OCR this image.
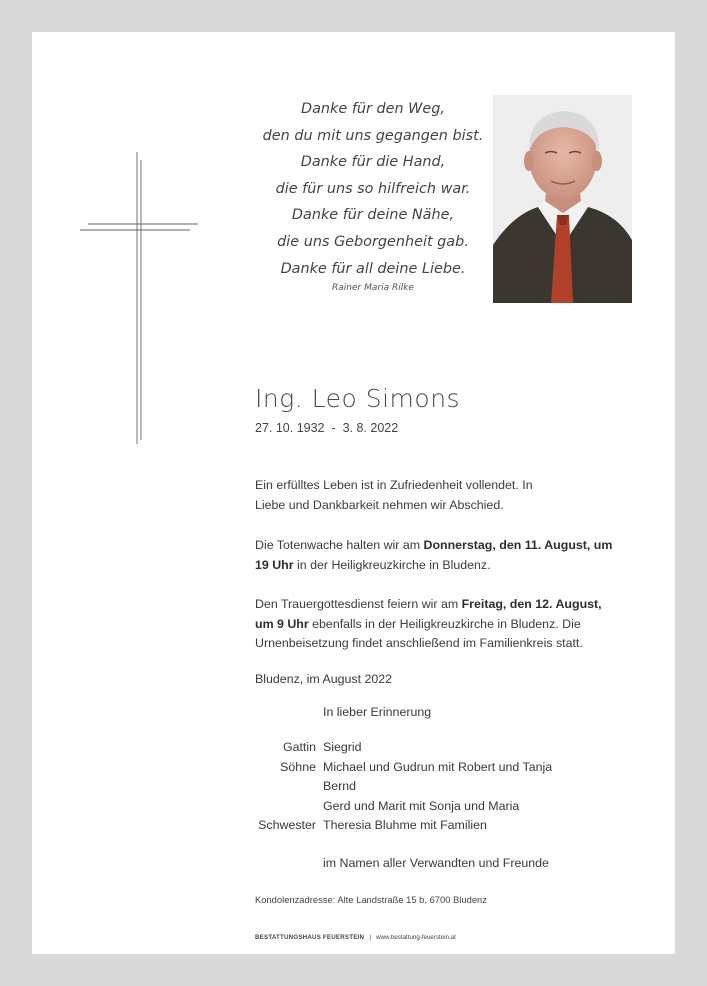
Danke für den Weg,
den du mit uns gegangen bist.
Danke für die Hand,
die für uns so hilfreich war.
Danke für deine Nähe,
die uns Geborgenheit gab.
Danke für all deine Liebe.
Rainer Maria Rilke
Ing. Leo Simons
27. 10. 1932  -  3. 8. 2022
Ein erfülltes Leben ist in Zufriedenheit vollendet. In Liebe und Dankbarkeit nehmen wir Abschied.
Die Totenwache halten wir am Donnerstag, den 11. August, um 19 Uhr in der Heiligkreuzkirche in Bludenz.
Den Trauergottesdienst feiern wir am Freitag, den 12. August, um 9 Uhr ebenfalls in der Heiligkreuzkirche in Bludenz. Die Urnenbeisetzung findet anschließend im Familienkreis statt.
Bludenz, im August 2022
In lieber Erinnerung
Gattin Siegrid
Söhne Michael und Gudrun mit Robert und Tanja
Bernd
Gerd und Marit mit Sonja und Maria
Schwester Theresia Bluhme mit Familien
im Namen aller Verwandten und Freunde
Kondolenzadresse: Alte Landstraße 15 b, 6700 Bludenz
BESTATTUNGSHAUS FEUERSTEIN | www.bestattung-feuerstein.at
